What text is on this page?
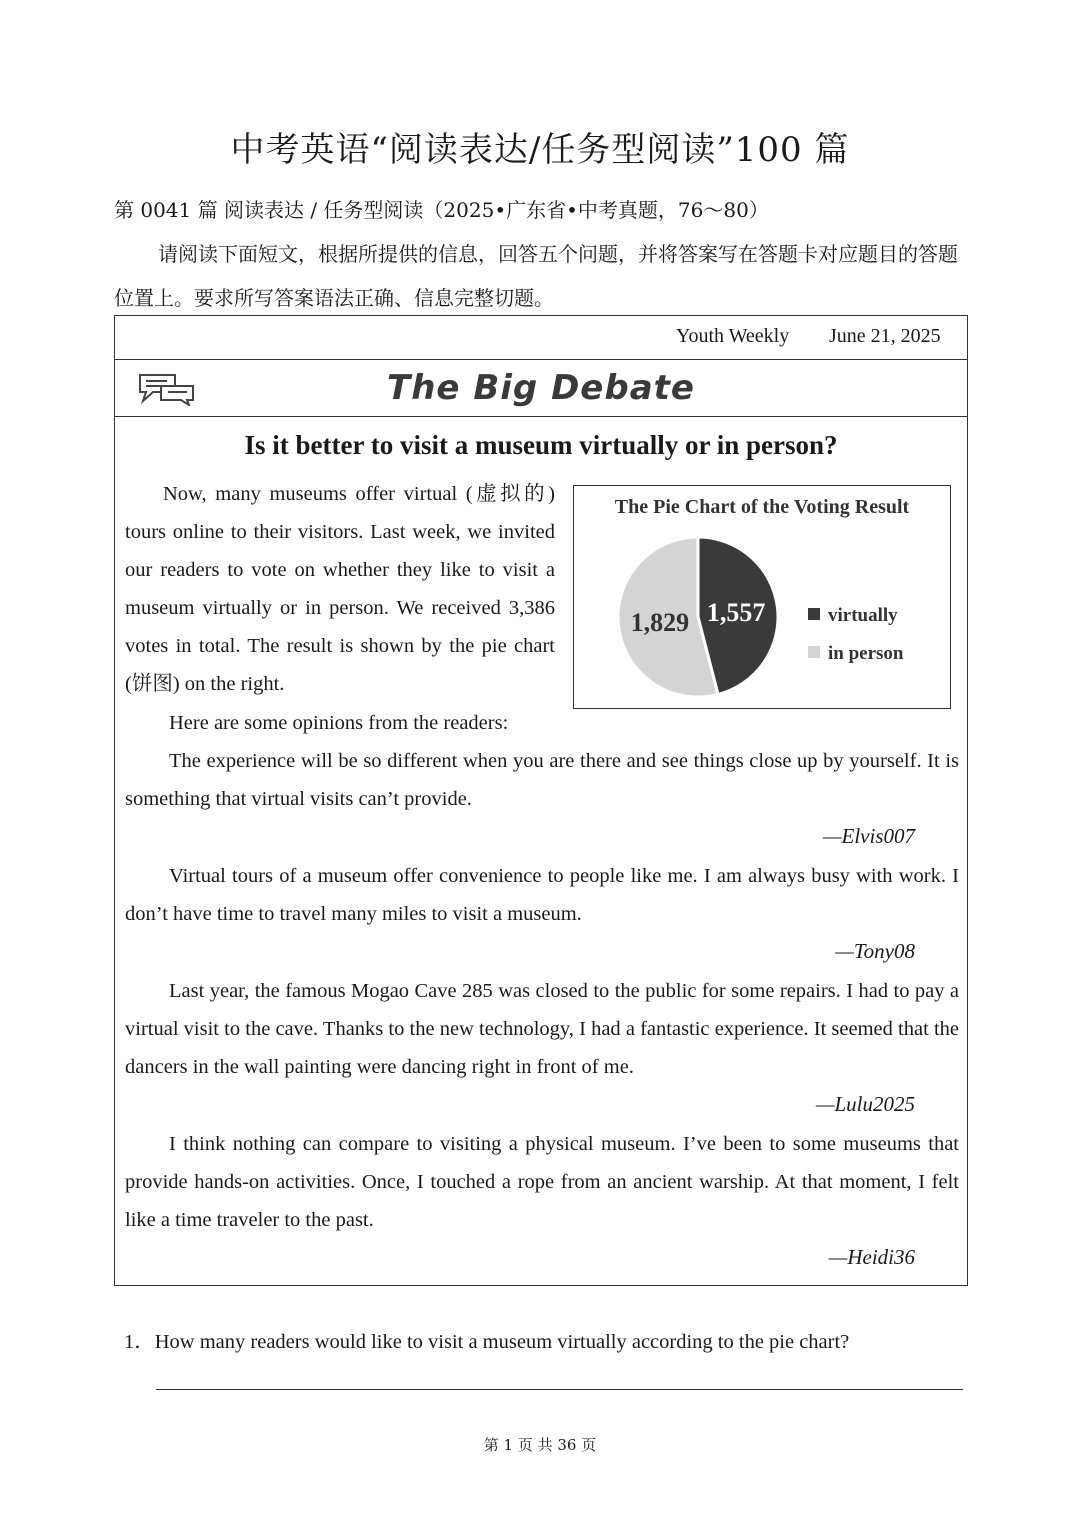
中考英语“阅读表达/任务型阅读”100 篇
第 0041 篇 阅读表达 / 任务型阅读（2025•广东省•中考真题，76～80）
请阅读下面短文，根据所提供的信息，回答五个问题，并将答案写在答题卡对应题目的答题位置上。要求所写答案语法正确、信息完整切题。
Youth Weekly June 21, 2025
The Big Debate
Is it better to visit a museum virtually or in person?

Now, many museums offer virtual (虚拟的) tours online to their visitors. Last week, we invited our readers to vote on whether they like to visit a museum virtually or in person. We received 3,386 votes in total. The result is shown by the pie chart (饼图) on the right.

The Pie Chart of the Voting Result
1,557
1,829	virtually
in person

Here are some opinions from the readers:

The experience will be so different when you are there and see things close up by yourself. It is something that virtual visits can’t provide.

—Elvis007

Virtual tours of a museum offer convenience to people like me. I am always busy with work. I don’t have time to travel many miles to visit a museum.

—Tony08

Last year, the famous Mogao Cave 285 was closed to the public for some repairs. I had to pay a virtual visit to the cave. Thanks to the new technology, I had a fantastic experience. It seemed that the dancers in the wall painting were dancing right in front of me.

—Lulu2025

I think nothing can compare to visiting a physical museum. I’ve been to some museums that provide hands-on activities. Once, I touched a rope from an ancient warship. At that moment, I felt like a time traveler to the past.

—Heidi36
1．How many readers would like to visit a museum virtually according to the pie chart?
第 1 页 共 36 页
